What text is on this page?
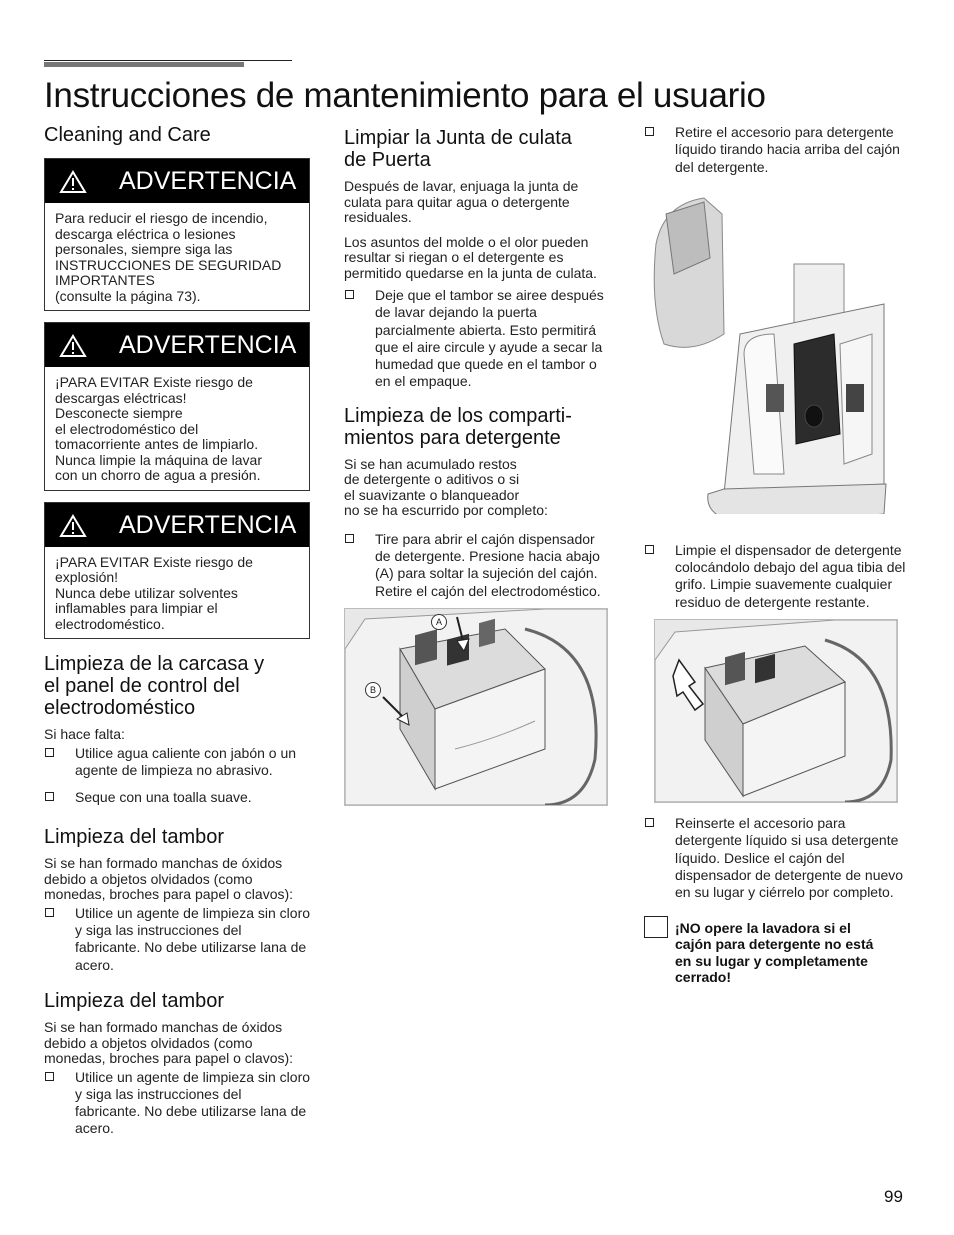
Instrucciones de mantenimiento para el usuario
Cleaning and Care
ADVERTENCIA
Para reducir el riesgo de incendio,
descarga eléctrica o lesiones
personales, siempre siga las
INSTRUCCIONES DE SEGURIDAD
IMPORTANTES
(consulte la página 73).
ADVERTENCIA
¡PARA EVITAR Existe riesgo de
descargas eléctricas!
Desconecte siempre
el electrodoméstico del
tomacorriente antes de limpiarlo.
Nunca limpie la máquina de lavar
con un chorro de agua a presión.
ADVERTENCIA
¡PARA EVITAR Existe riesgo de
explosión!
Nunca debe utilizar solventes
inflamables para limpiar el
electrodoméstico.
Limpieza de la carcasa y
el panel de control del
electrodoméstico

Si hace falta:

Utilice agua caliente con jabón o un agente de limpieza no abrasivo.
Seque con una toalla suave.
Limpieza del tambor

Si se han formado manchas de óxidos debido a objetos olvidados (como monedas, broches para papel o clavos):

Utilice un agente de limpieza sin cloro y siga las instrucciones del fabricante. No debe utilizarse lana de acero.
Limpieza del tambor

Si se han formado manchas de óxidos debido a objetos olvidados (como monedas, broches para papel o clavos):

Utilice un agente de limpieza sin cloro y siga las instrucciones del fabricante. No debe utilizarse lana de acero.
Limpiar la Junta de culata
de Puerta

Después de lavar, enjuaga la junta de culata para quitar agua o detergente residuales.

Los asuntos del molde o el olor pueden resultar si riegan o el detergente es permitido quedarse en la junta de culata.

Deje que el tambor se airee después de lavar dejando la puerta parcialmente abierta. Esto permitirá que el aire circule y ayude a secar la humedad que quede en el tambor o en el empaque.
Limpieza de los comparti-
mientos para detergente

Si se han acumulado restos
de detergente o aditivos o si
el suavizante o blanqueador
no se ha escurrido por completo:

Tire para abrir el cajón dispensador de detergente. Presione hacia abajo (A) para soltar la sujeción del cajón. Retire el cajón del electrodoméstico.
A
B
Retire el accesorio para detergente líquido tirando hacia arriba del cajón del detergente.
Limpie el dispensador de detergente colocándolo debajo del agua tibia del grifo. Limpie suavemente cualquier residuo de detergente restante.
Reinserte el accesorio para detergente líquido si usa detergente líquido. Deslice el cajón del dispensador de detergente de nuevo en su lugar y ciérrelo por completo.
¡NO opere la lavadora si el
cajón para detergente no está
en su lugar y completamente
cerrado!
99
